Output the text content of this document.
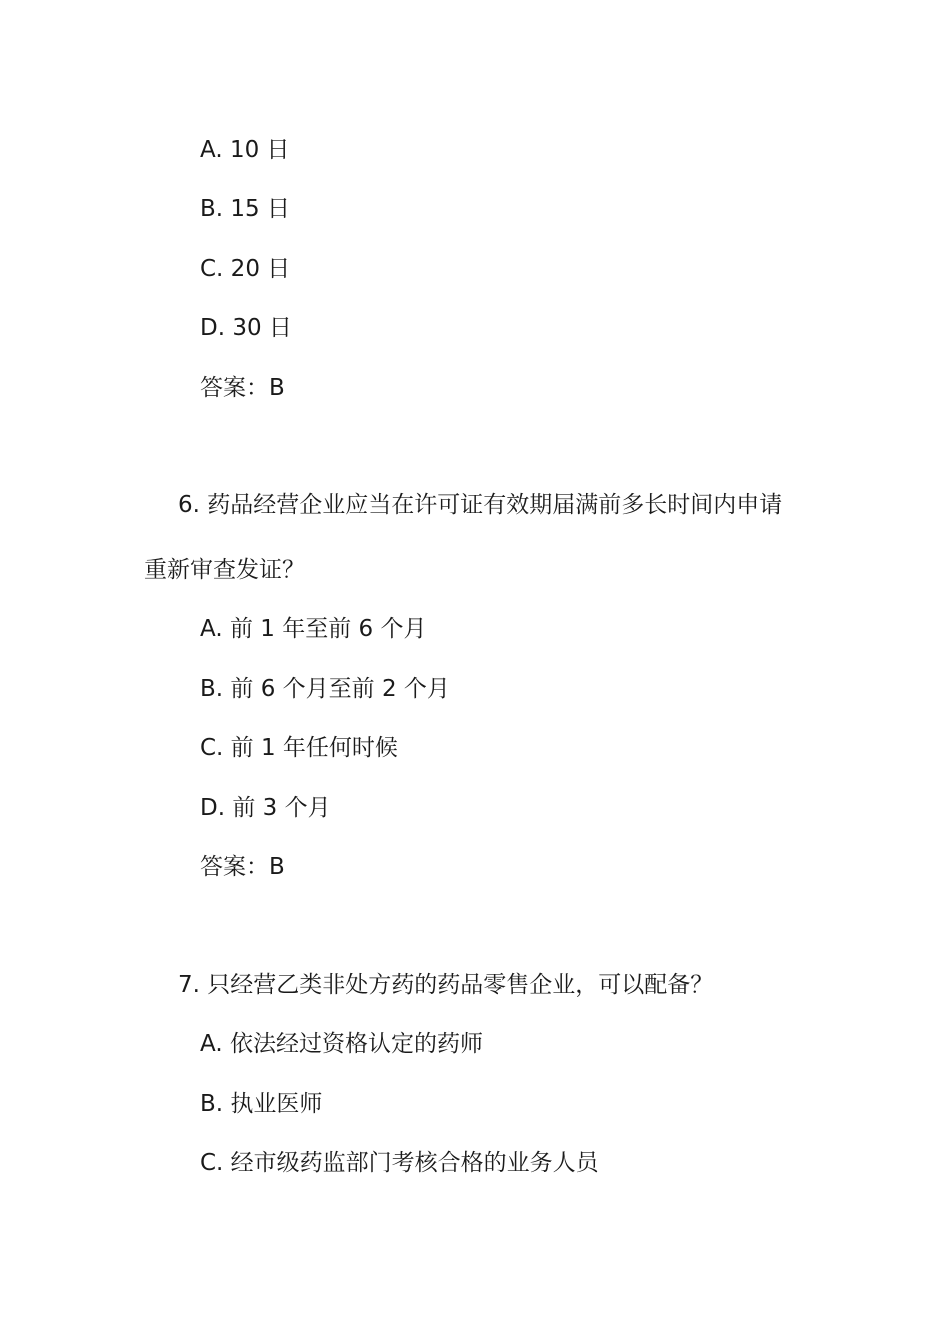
A. 10 日

B. 15 日

C. 20 日

D. 30 日

答案：B

6. 药品经营企业应当在许可证有效期届满前多长时间内申请

重新审查发证？

A. 前 1 年至前 6 个月

B. 前 6 个月至前 2 个月

C. 前 1 年任何时候

D. 前 3 个月

答案：B

7. 只经营乙类非处方药的药品零售企业，可以配备？

A. 依法经过资格认定的药师

B. 执业医师

C. 经市级药监部门考核合格的业务人员
